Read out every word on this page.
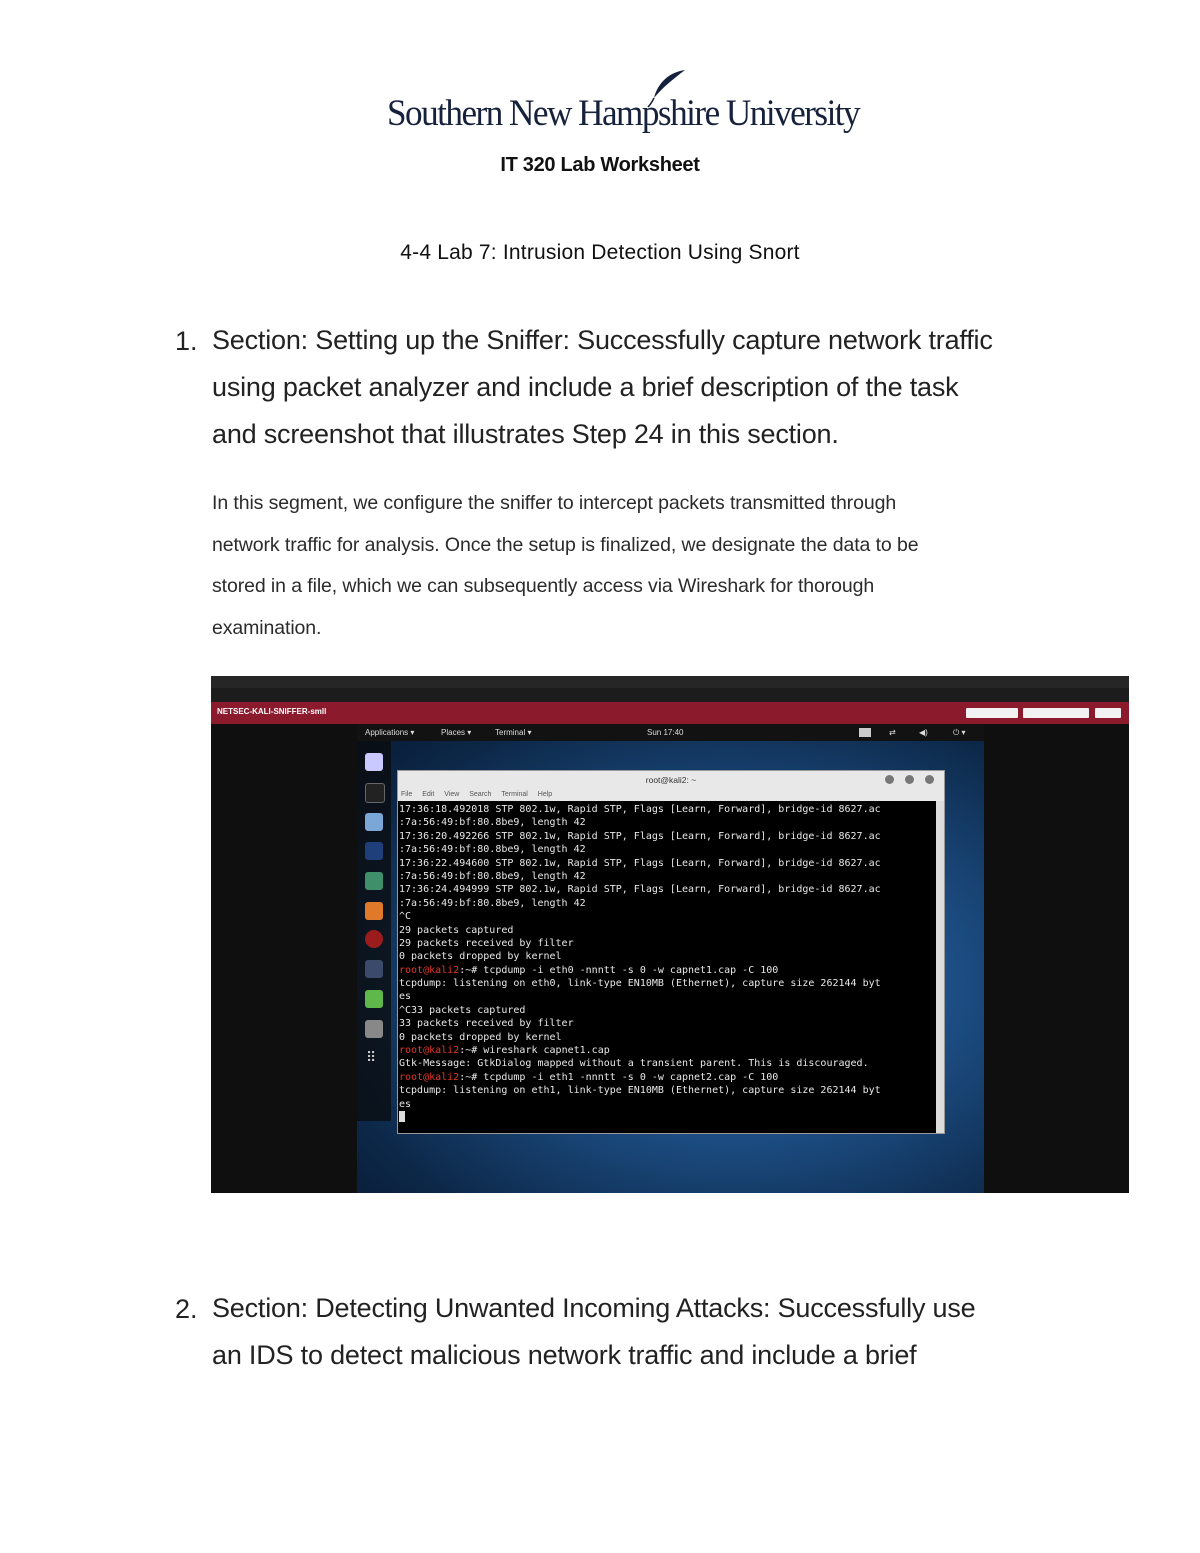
Southern New Hampshire University
IT 320 Lab Worksheet
4-4 Lab 7: Intrusion Detection Using Snort
1. Section: Setting up the Sniffer: Successfully capture network traffic
using packet analyzer and include a brief description of the task
and screenshot that illustrates Step 24 in this section.
In this segment, we configure the sniffer to intercept packets transmitted through
network traffic for analysis. Once the setup is finalized, we designate the data to be
stored in a file, which we can subsequently access via Wireshark for thorough
examination.
NETSEC-KALI-SNIFFER-smll
Applications ▾	Places ▾	Terminal ▾	Sun 17:40	⇄	◀)	⏻ ▾
⠿
root@kali2: ~
File Edit View Search Terminal Help
17:36:18.492018 STP 802.1w, Rapid STP, Flags [Learn, Forward], bridge-id 8627.ac
:7a:56:49:bf:80.8be9, length 42
17:36:20.492266 STP 802.1w, Rapid STP, Flags [Learn, Forward], bridge-id 8627.ac
:7a:56:49:bf:80.8be9, length 42
17:36:22.494600 STP 802.1w, Rapid STP, Flags [Learn, Forward], bridge-id 8627.ac
:7a:56:49:bf:80.8be9, length 42
17:36:24.494999 STP 802.1w, Rapid STP, Flags [Learn, Forward], bridge-id 8627.ac
:7a:56:49:bf:80.8be9, length 42
^C
29 packets captured
29 packets received by filter
0 packets dropped by kernel
root@kali2:~# tcpdump -i eth0 -nnntt -s 0 -w capnet1.cap -C 100
tcpdump: listening on eth0, link-type EN10MB (Ethernet), capture size 262144 byt
es
^C33 packets captured
33 packets received by filter
0 packets dropped by kernel
root@kali2:~# wireshark capnet1.cap
Gtk-Message: GtkDialog mapped without a transient parent. This is discouraged.
root@kali2:~# tcpdump -i eth1 -nnntt -s 0 -w capnet2.cap -C 100
tcpdump: listening on eth1, link-type EN10MB (Ethernet), capture size 262144 byt
es
2. Section: Detecting Unwanted Incoming Attacks: Successfully use
an IDS to detect malicious network traffic and include a brief
